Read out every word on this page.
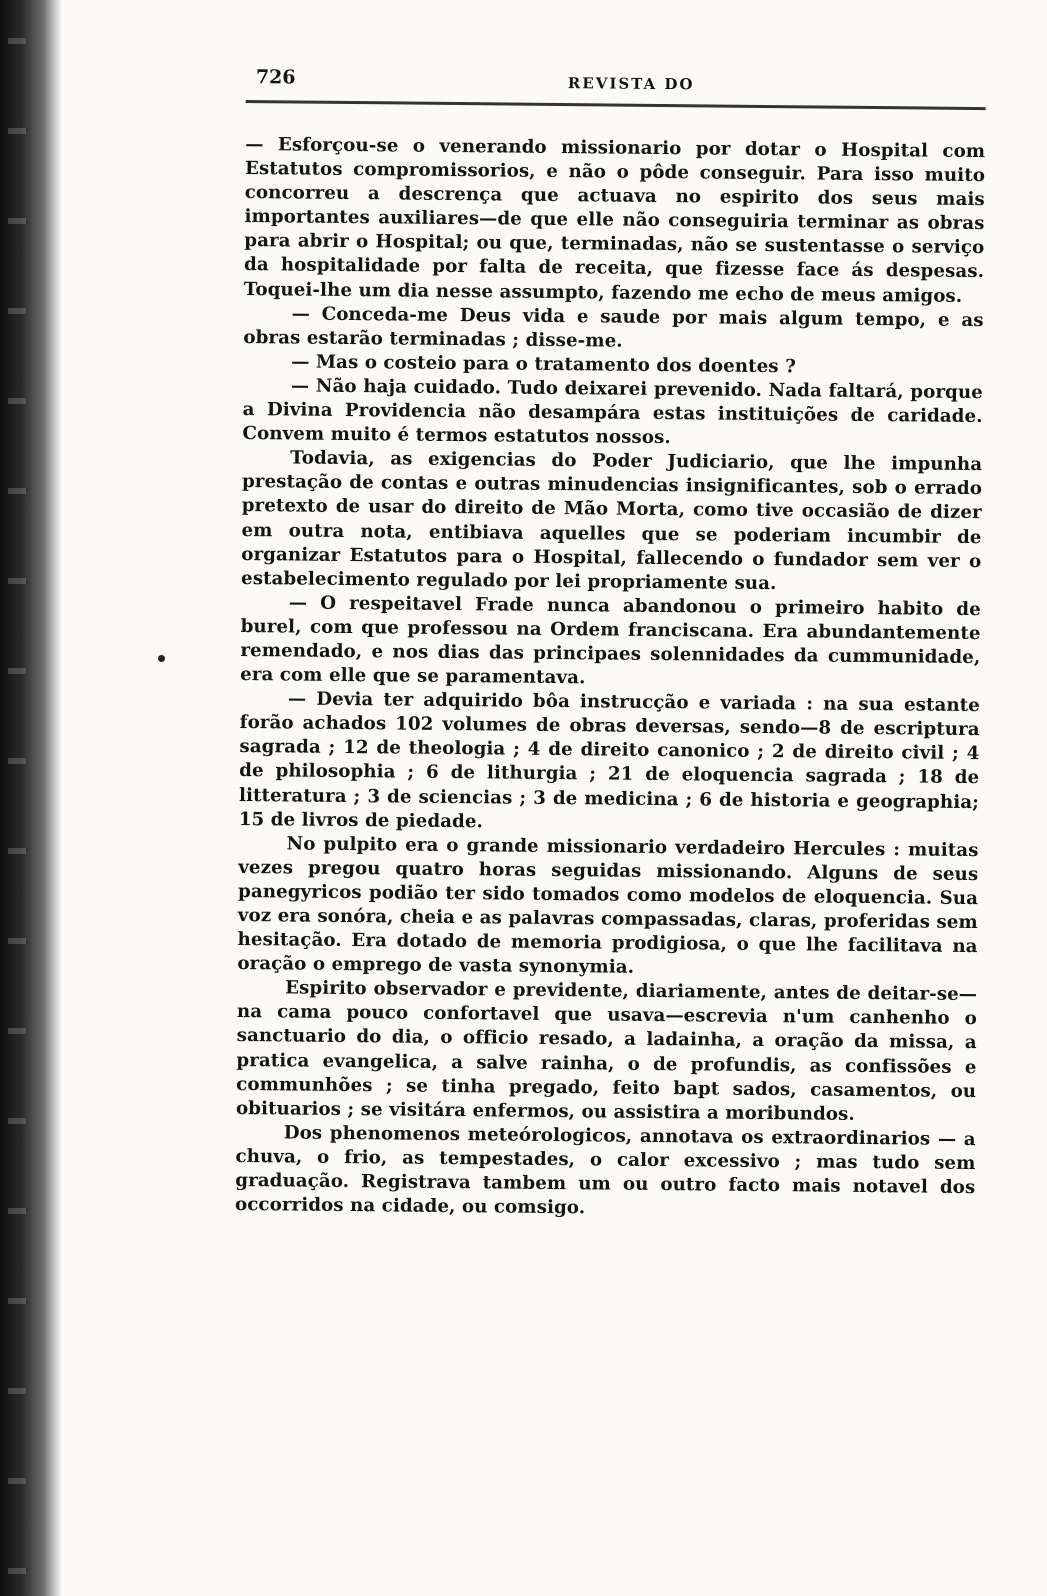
726	REVISTA DO

— Esforçou-se o venerando missionario por dotar o Hospital com Estatutos compromissorios, e não o pôde conseguir. Para isso muito concorreu a descrença que actuava no espirito dos seus mais importantes auxiliares—de que elle não conseguiria terminar as obras para abrir o Hospital; ou que, terminadas, não se sustentasse o serviço da hospitalidade por falta de receita, que fizesse face ás despesas. Toquei-lhe um dia nesse assumpto, fazendo me echo de meus amigos.

— Conceda-me Deus vida e saude por mais algum tempo, e as obras estarão terminadas ; disse-me.

— Mas o costeio para o tratamento dos doentes ?

— Não haja cuidado. Tudo deixarei prevenido. Nada faltará, porque a Divina Providencia não desampára estas instituições de caridade. Convem muito é termos estatutos nossos.

Todavia, as exigencias do Poder Judiciario, que lhe impunha prestação de contas e outras minudencias insignificantes, sob o errado pretexto de usar do direito de Mão Morta, como tive occasião de dizer em outra nota, entibiava aquelles que se poderiam incumbir de organizar Estatutos para o Hospital, fallecendo o fundador sem ver o estabelecimento regulado por lei propriamente sua.

— O respeitavel Frade nunca abandonou o primeiro habito de burel, com que professou na Ordem franciscana. Era abundantemente remendado, e nos dias das principaes solennidades da cummunidade, era com elle que se paramentava.

— Devia ter adquirido bôa instrucção e variada : na sua estante forão achados 102 volumes de obras deversas, sendo—8 de escriptura sagrada ; 12 de theologia ; 4 de direito canonico ; 2 de direito civil ; 4 de philosophia ; 6 de lithurgia ; 21 de eloquencia sagrada ; 18 de litteratura ; 3 de sciencias ; 3 de medicina ; 6 de historia e geographia; 15 de livros de piedade.

No pulpito era o grande missionario verdadeiro Hercules : muitas vezes pregou quatro horas seguidas missionando. Alguns de seus panegyricos podião ter sido tomados como modelos de eloquencia. Sua voz era sonóra, cheia e as palavras compassadas, claras, proferidas sem hesitação. Era dotado de memoria prodigiosa, o que lhe facilitava na oração o emprego de vasta synonymia.

Espirito observador e previdente, diariamente, antes de deitar-se—na cama pouco confortavel que usava—escrevia n'um canhenho o sanctuario do dia, o officio resado, a ladainha, a oração da missa, a pratica evangelica, a salve rainha, o de profundis, as confissões e communhões ; se tinha pregado, feito bapt sados, casamentos, ou obituarios ; se visitára enfermos, ou assistira a moribundos.

Dos phenomenos meteórologicos, annotava os extraordinarios — a chuva, o frio, as tempestades, o calor excessivo ; mas tudo sem graduação. Registrava tambem um ou outro facto mais notavel dos occorridos na cidade, ou comsigo.
